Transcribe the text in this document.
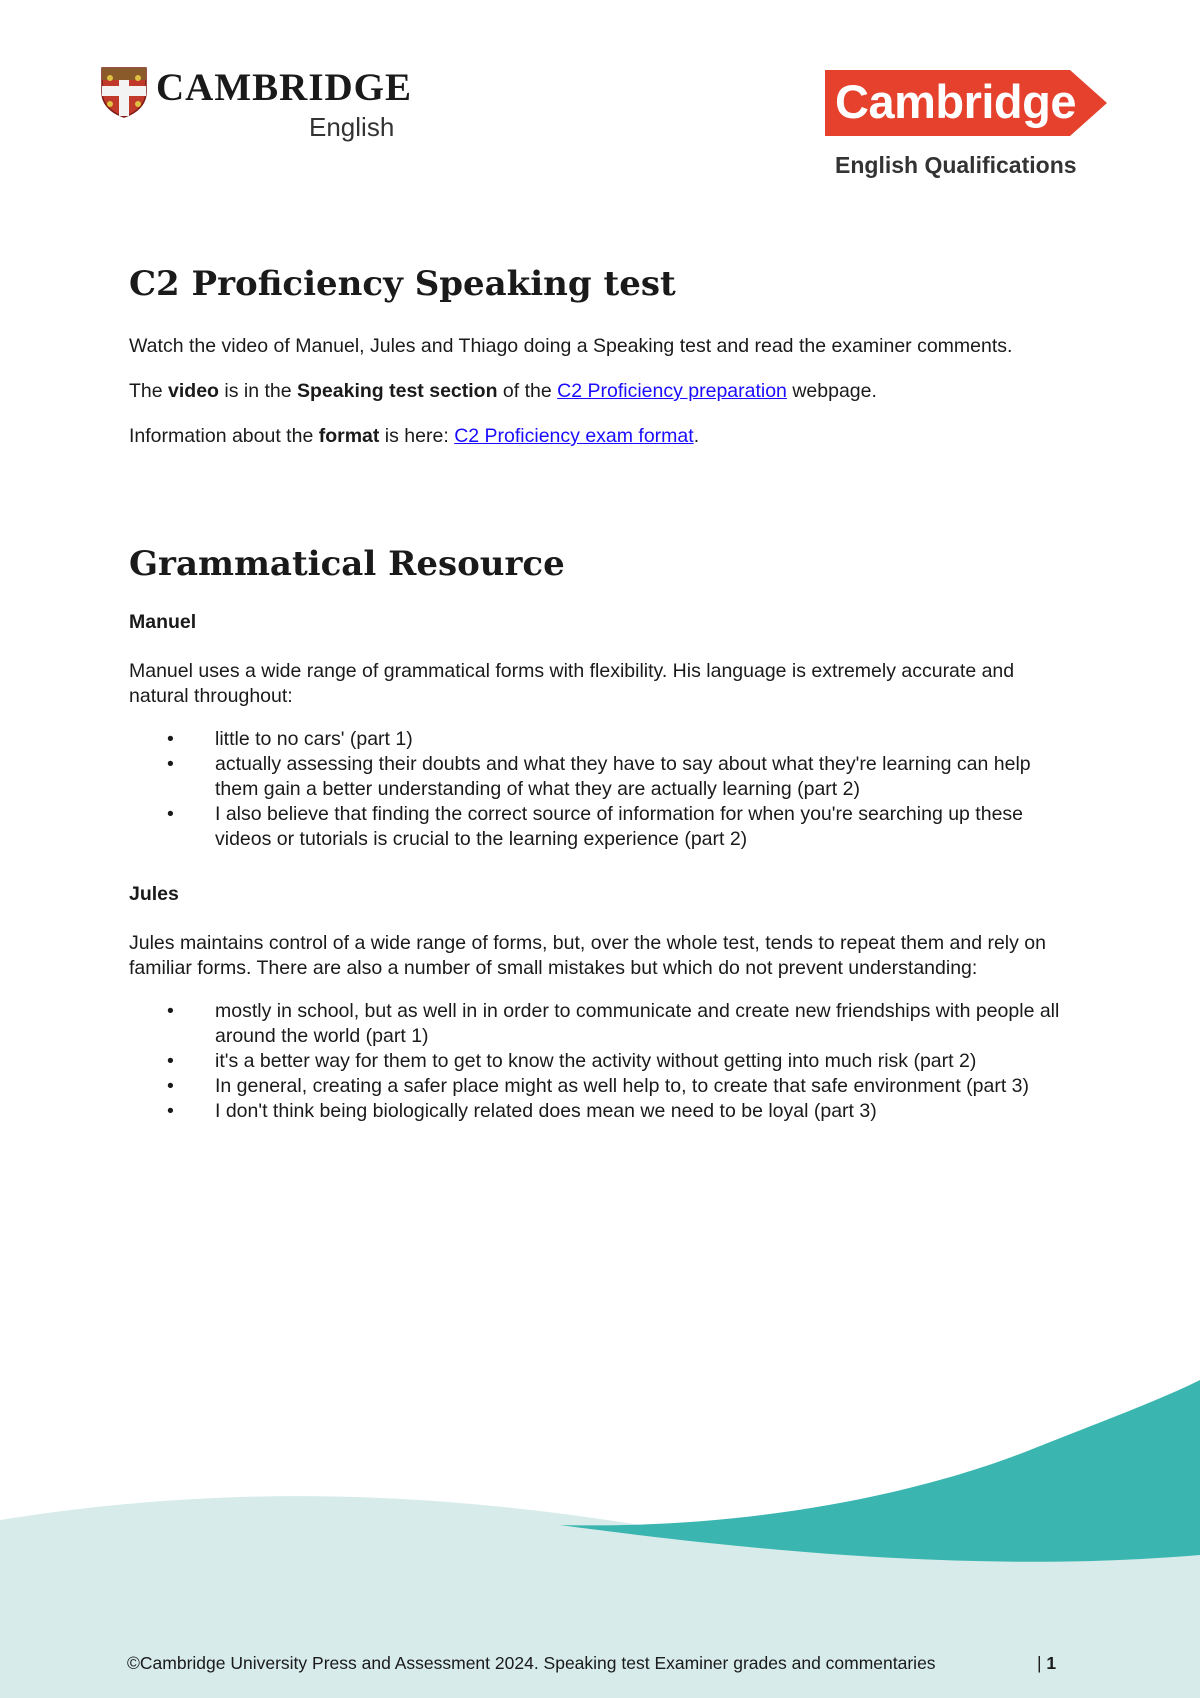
CAMBRIDGE
English	Cambridge
English Qualifications
C2 Proficiency Speaking test

Watch the video of Manuel, Jules and Thiago doing a Speaking test and read the examiner comments.

The video is in the Speaking test section of the C2 Proficiency preparation webpage.

Information about the format is here: C2 Proficiency exam format.

Grammatical Resource
Manuel

Manuel uses a wide range of grammatical forms with flexibility. His language is extremely accurate and natural throughout:

• little to no cars' (part 1)
• actually assessing their doubts and what they have to say about what they're learning can help them gain a better understanding of what they are actually learning (part 2)
• I also believe that finding the correct source of information for when you're searching up these videos or tutorials is crucial to the learning experience (part 2)
Jules

Jules maintains control of a wide range of forms, but, over the whole test, tends to repeat them and rely on familiar forms. There are also a number of small mistakes but which do not prevent understanding:

• mostly in school, but as well in in order to communicate and create new friendships with people all around the world (part 1)
• it's a better way for them to get to know the activity without getting into much risk (part 2)
• In general, creating a safer place might as well help to, to create that safe environment (part 3)
• I don't think being biologically related does mean we need to be loyal (part 3)
©Cambridge University Press and Assessment 2024. Speaking test Examiner grades and commentaries	| 1
